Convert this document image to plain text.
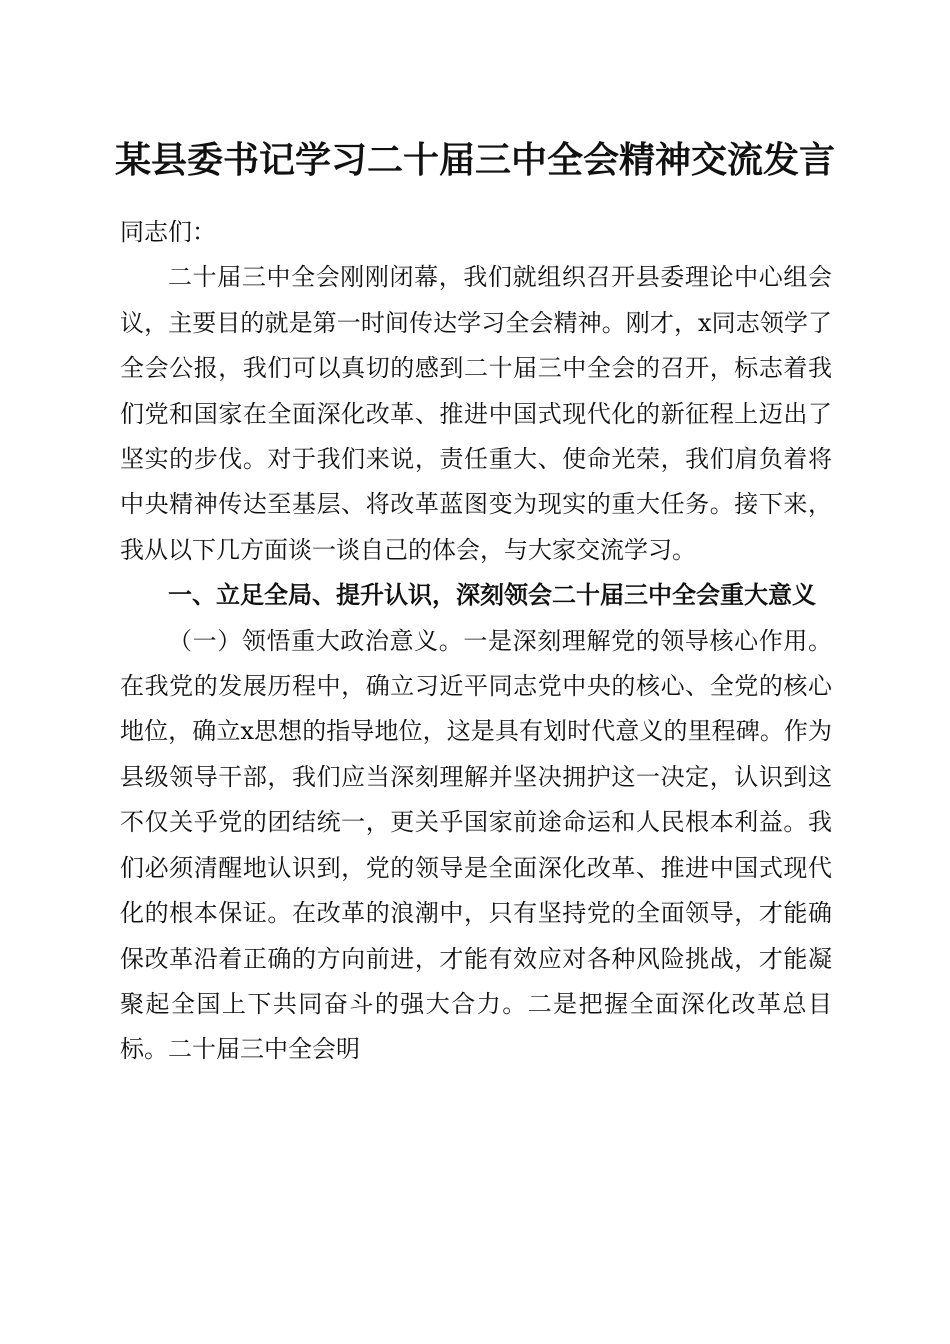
某县委书记学习二十届三中全会精神交流发言

同志们：

二十届三中全会刚刚闭幕，我们就组织召开县委理论中心组会议，主要目的就是第一时间传达学习全会精神。刚才，x同志领学了全会公报，我们可以真切的感到二十届三中全会的召开，标志着我们党和国家在全面深化改革、推进中国式现代化的新征程上迈出了坚实的步伐。对于我们来说，责任重大、使命光荣，我们肩负着将中央精神传达至基层、将改革蓝图变为现实的重大任务。接下来，我从以下几方面谈一谈自己的体会，与大家交流学习。

一、立足全局、提升认识，深刻领会二十届三中全会重大意义

（一）领悟重大政治意义。一是深刻理解党的领导核心作用。在我党的发展历程中，确立习近平同志党中央的核心、全党的核心地位，确立x思想的指导地位，这是具有划时代意义的里程碑。作为县级领导干部，我们应当深刻理解并坚决拥护这一决定，认识到这不仅关乎党的团结统一，更关乎国家前途命运和人民根本利益。我们必须清醒地认识到，党的领导是全面深化改革、推进中国式现代化的根本保证。在改革的浪潮中，只有坚持党的全面领导，才能确保改革沿着正确的方向前进，才能有效应对各种风险挑战，才能凝聚起全国上下共同奋斗的强大合力。二是把握全面深化改革总目标。二十届三中全会明
